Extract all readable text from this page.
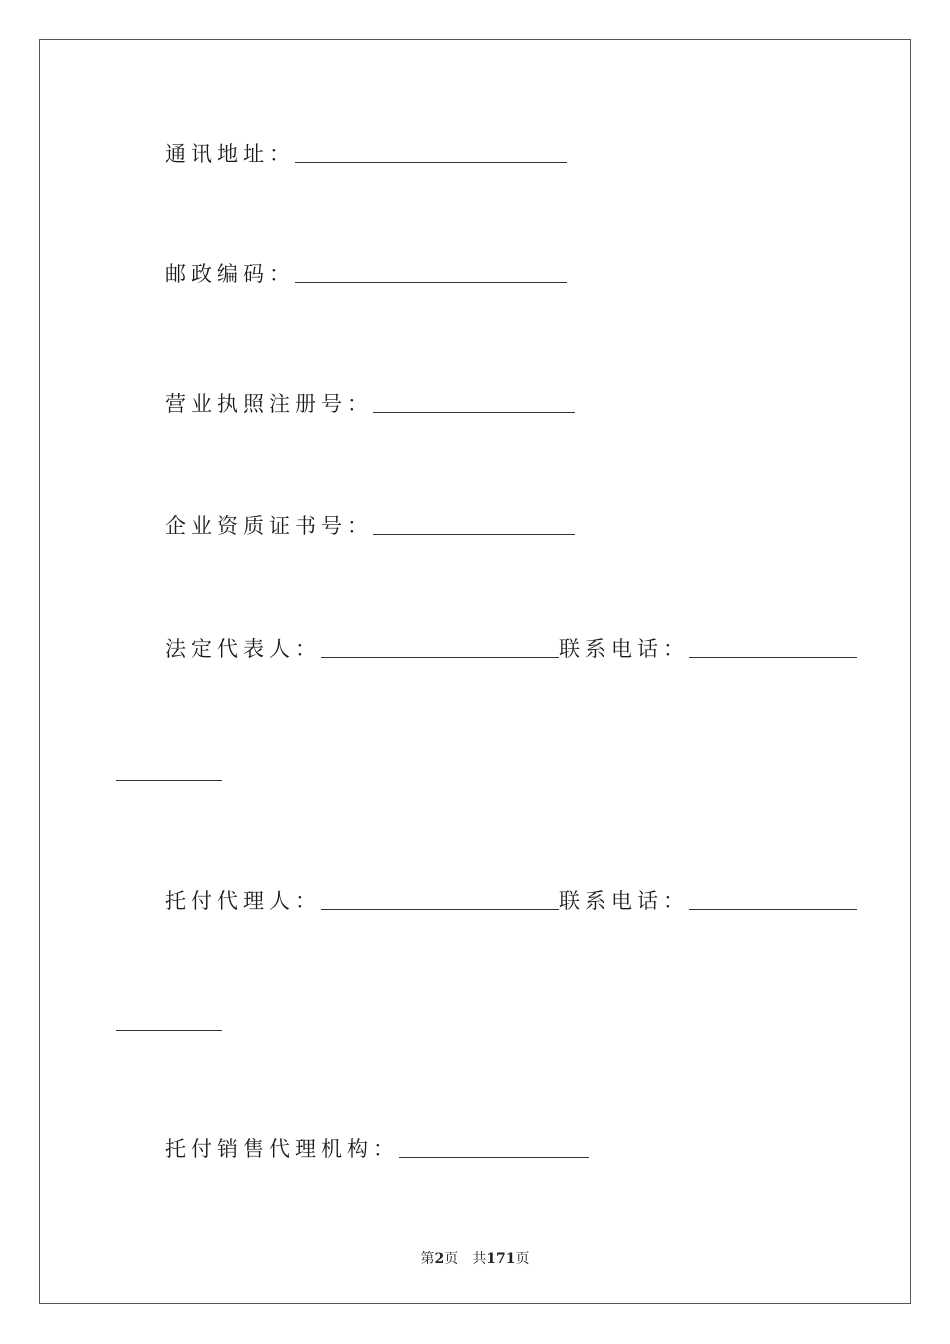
通讯地址：
邮政编码：
营业执照注册号：
企业资质证书号：
法定代表人：	联系电话：
托付代理人：	联系电话：
托付销售代理机构：
第2页 共171页
